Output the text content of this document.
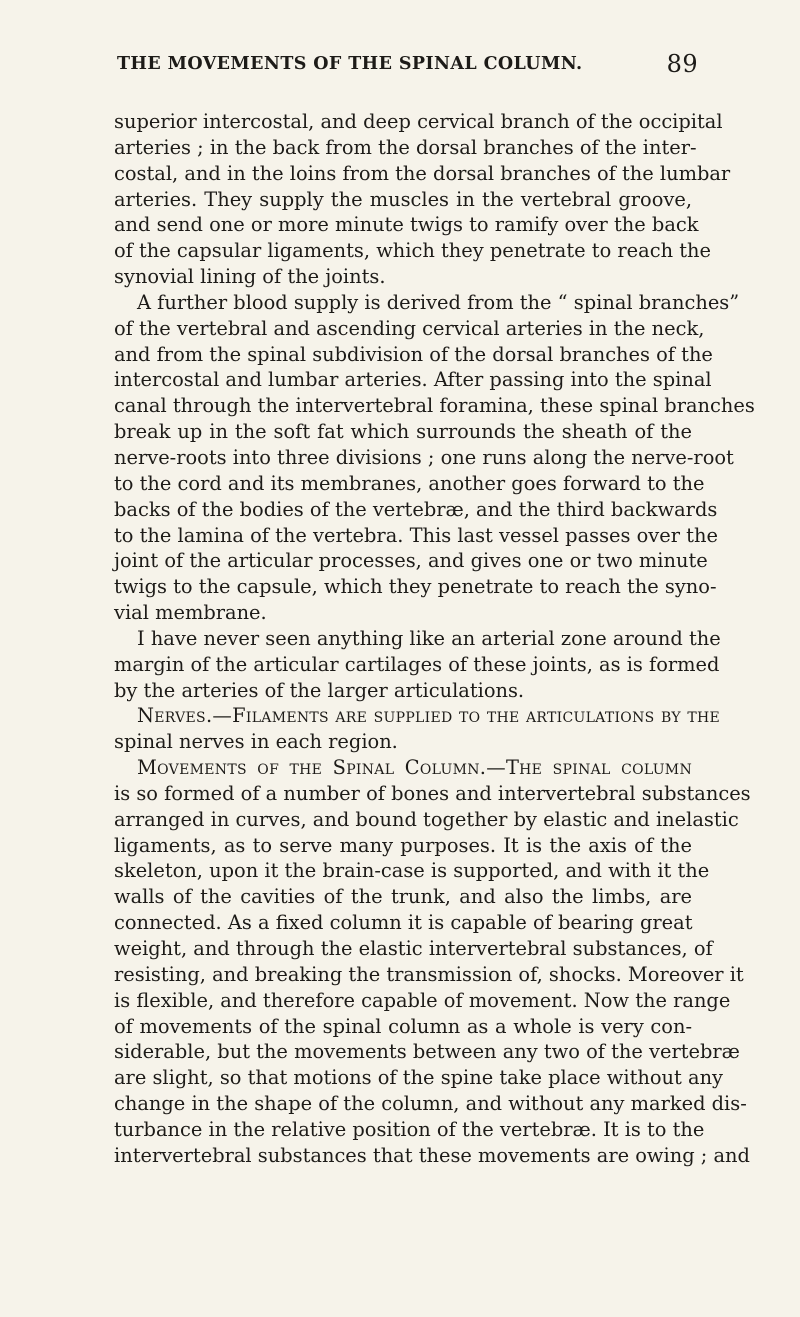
THE MOVEMENTS OF THE SPINAL COLUMN.	89
superior intercostal, and deep cervical branch of the occipital
arteries ; in the back from the dorsal branches of the inter-
costal, and in the loins from the dorsal branches of the lumbar
arteries. They supply the muscles in the vertebral groove,
and send one or more minute twigs to ramify over the back
of the capsular ligaments, which they penetrate to reach the
synovial lining of the joints.
A further blood supply is derived from the “ spinal branches”
of the vertebral and ascending cervical arteries in the neck,
and from the spinal subdivision of the dorsal branches of the
intercostal and lumbar arteries. After passing into the spinal
canal through the intervertebral foramina, these spinal branches
break up in the soft fat which surrounds the sheath of the
nerve-roots into three divisions ; one runs along the nerve-root
to the cord and its membranes, another goes forward to the
backs of the bodies of the vertebræ, and the third backwards
to the lamina of the vertebra. This last vessel passes over the
joint of the articular processes, and gives one or two minute
twigs to the capsule, which they penetrate to reach the syno-
vial membrane.
I have never seen anything like an arterial zone around the
margin of the articular cartilages of these joints, as is formed
by the arteries of the larger articulations.
Nerves.—Filaments are supplied to the articulations by the
spinal nerves in each region.
Movements of the Spinal Column.—The spinal column
is so formed of a number of bones and intervertebral substances
arranged in curves, and bound together by elastic and inelastic
ligaments, as to serve many purposes. It is the axis of the
skeleton, upon it the brain-case is supported, and with it the
walls of the cavities of the trunk, and also the limbs, are
connected. As a fixed column it is capable of bearing great
weight, and through the elastic intervertebral substances, of
resisting, and breaking the transmission of, shocks. Moreover it
is flexible, and therefore capable of movement. Now the range
of movements of the spinal column as a whole is very con-
siderable, but the movements between any two of the vertebræ
are slight, so that motions of the spine take place without any
change in the shape of the column, and without any marked dis-
turbance in the relative position of the vertebræ. It is to the
intervertebral substances that these movements are owing ; and
